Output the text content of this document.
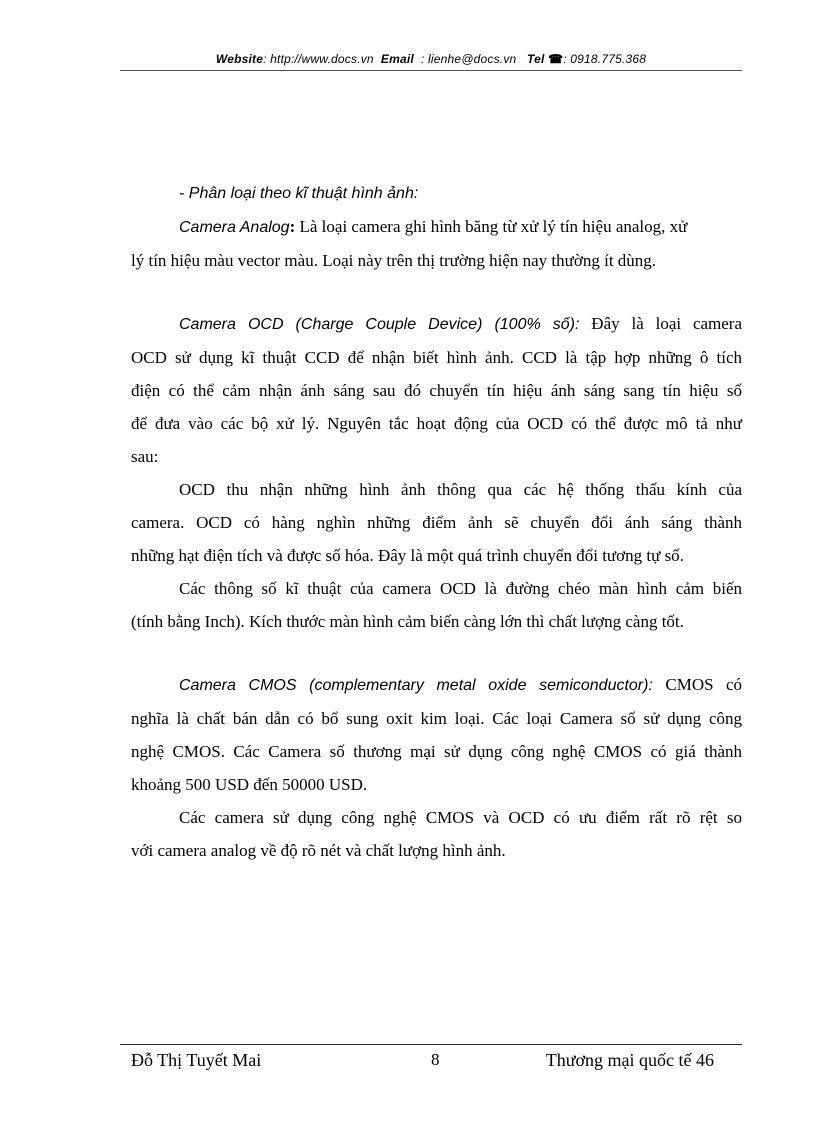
Website: http://www.docs.vn Email : lienhe@docs.vn Tel ☎: 0918.775.368

- Phân loại theo kĩ thuật hình ảnh:

Camera Analog: Là loại camera ghi hình băng từ xử lý tín hiệu analog, xử

lý tín hiệu màu vector màu. Loại này trên thị trường hiện nay thường ít dùng.

Camera OCD (Charge Couple Device) (100% số): Đây là loại camera

OCD sử dụng kĩ thuật CCD để nhận biết hình ảnh. CCD là tập hợp những ô tích

điện có thể cảm nhận ánh sáng sau đó chuyển tín hiệu ánh sáng sang tín hiệu số

để đưa vào các bộ xử lý. Nguyên tắc hoạt động của OCD có thể được mô tả như

sau:

OCD thu nhận những hình ảnh thông qua các hệ thống thấu kính của

camera. OCD có hàng nghìn những điểm ảnh sẽ chuyển đổi ánh sáng thành

những hạt điện tích và được số hóa. Đây là một quá trình chuyển đổi tương tự số.

Các thông số kĩ thuật của camera OCD là đường chéo màn hình cảm biến

(tính bằng Inch). Kích thước màn hình cảm biến càng lớn thì chất lượng càng tốt.

Camera CMOS (complementary metal oxide semiconductor): CMOS có

nghĩa là chất bán dẫn có bổ sung oxit kim loại. Các loại Camera số sử dụng công

nghệ CMOS. Các Camera số thương mại sử dụng công nghệ CMOS có giá thành

khoảng 500 USD đến 50000 USD.

Các camera sử dụng công nghệ CMOS và OCD có ưu điểm rất rõ rệt so

với camera analog về độ rõ nét và chất lượng hình ảnh.

Đỗ Thị Tuyết Mai	8	Thương mại quốc tế 46
